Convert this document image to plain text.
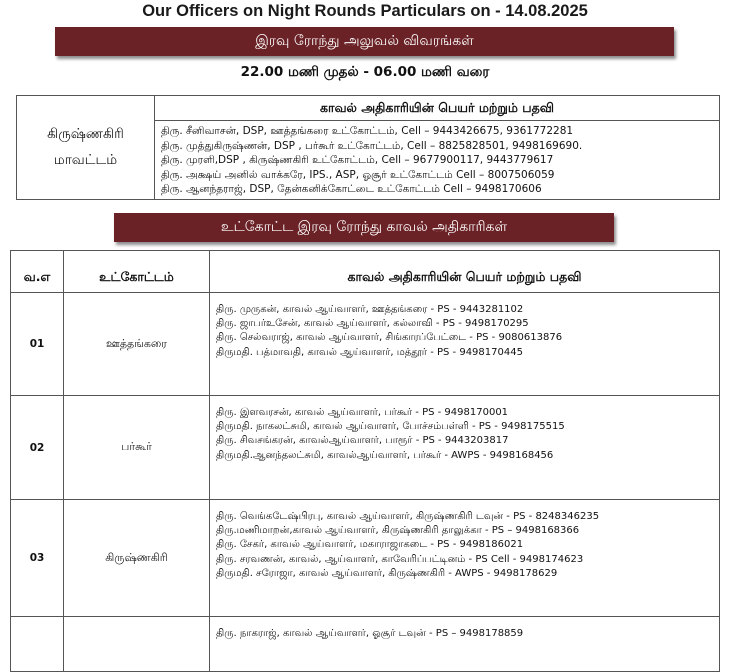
Our Officers on Night Rounds Particulars on - 14.08.2025
இரவு ரோந்து அலுவல் விவரங்கள்
22.00 மணி முதல் - 06.00 மணி வரை
கிருஷ்ணகிரி
மாவட்டம்
	காவல் அதிகாரியின் பெயர் மற்றும் பதவி

திரு. சீனிவாசன், DSP, ஊத்தங்கரை உட்கோட்டம், Cell – 9443426675, 9361772281
திரு. முத்துகிருஷ்ணன், DSP , பர்கூர் உட்கோட்டம், Cell – 8825828501, 9498169690.
திரு. முரளி,DSP , கிருஷ்ணகிரி உட்கோட்டம், Cell – 9677900117, 9443779617
திரு. அக்ஷய் அனில் வாக்கரே, IPS., ASP, ஓசூர் உட்கோட்டம் Cell – 8007506059
திரு. ஆனந்தராஜ், DSP, தேன்கனிக்கோட்டை உட்கோட்டம் Cell – 9498170606
உட்கோட்ட இரவு ரோந்து காவல் அதிகாரிகள்
வ.எ	உட்கோட்டம்	காவல் அதிகாரியின் பெயர் மற்றும் பதவி
01	ஊத்தங்கரை	திரு. முருகன், காவல் ஆய்வாளர், ஊத்தங்கரை - PS - 9443281102
திரு. ஜாபர்உசேன், காவல் ஆய்வாளர், கல்லாவி - PS - 9498170295
திரு. செல்வராஜ், காவல் ஆய்வாளர், சிங்காரப்பேட்டை - PS - 9080613876
திருமதி. பத்மாவதி, காவல் ஆய்வாளர், மத்தூர் - PS - 9498170445

02	பர்கூர்	திரு. இளவரசன், காவல் ஆய்வாளர், பர்கூர் - PS - 9498170001
திருமதி. நாகலட்சுமி, காவல் ஆய்வாளர், போச்சம்பள்ளி - PS - 9498175515
திரு. சிவசங்கரன், காவல்ஆய்வாளர், பாரூர் - PS - 9443203817
திருமதி.ஆனந்தலட்சுமி, காவல்ஆய்வாளர், பர்கூர் - AWPS - 9498168456

03	கிருஷ்ணகிரி	திரு. வெங்கடேஷ்பிரபு, காவல் ஆய்வாளர், கிருஷ்ணகிரி டவுன் - PS - 8248346235
திரு.மணிமாறன்,காவல் ஆய்வாளர், கிருஷ்ணகிரி தாலுக்கா - PS – 9498168366
திரு. சேகர், காவல் ஆய்வாளர், மகாராஜாகடை - PS - 9498186021
திரு. சரவணன், காவல், ஆய்வாளர், காவேரிப்பட்டினம் - PS Cell - 9498174623
திருமதி. சரோஜா, காவல் ஆய்வாளர், கிருஷ்ணகிரி - AWPS - 9498178629

		திரு. நாகராஜ், காவல் ஆய்வாளர், ஓசூர் டவுன் - PS – 9498178859
